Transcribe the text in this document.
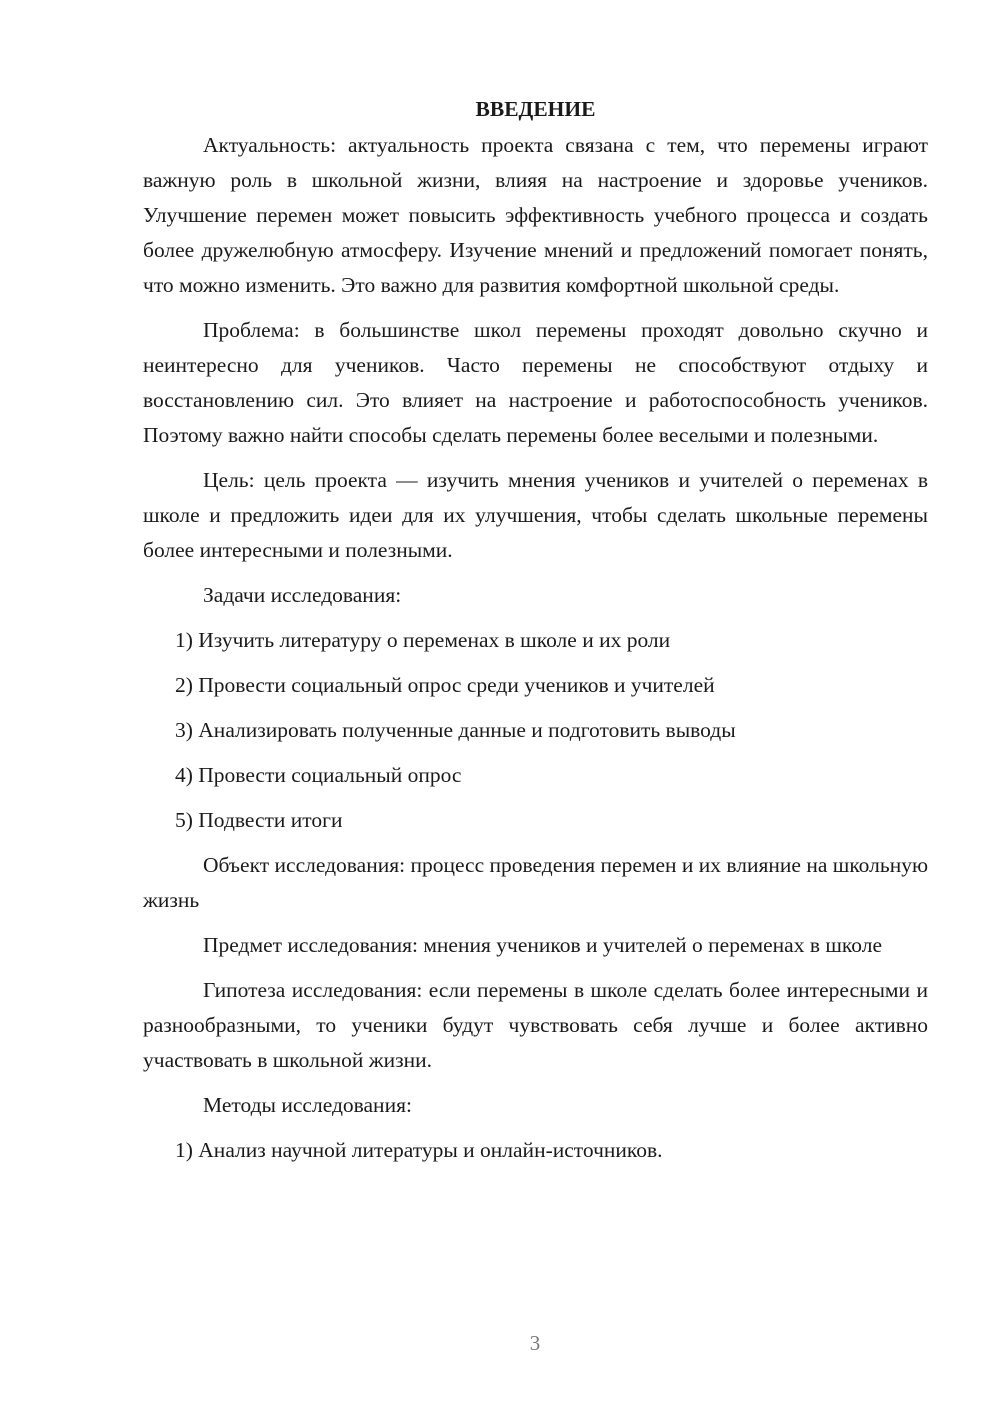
ВВЕДЕНИЕ

Актуальность: актуальность проекта связана с тем, что перемены играют важную роль в школьной жизни, влияя на настроение и здоровье учеников. Улучшение перемен может повысить эффективность учебного процесса и создать более дружелюбную атмосферу. Изучение мнений и предложений помогает понять, что можно изменить. Это важно для развития комфортной школьной среды.

Проблема: в большинстве школ перемены проходят довольно скучно и неинтересно для учеников. Часто перемены не способствуют отдыху и восстановлению сил. Это влияет на настроение и работоспособность учеников. Поэтому важно найти способы сделать перемены более веселыми и полезными.

Цель: цель проекта — изучить мнения учеников и учителей о переменах в школе и предложить идеи для их улучшения, чтобы сделать школьные перемены более интересными и полезными.

Задачи исследования:

1) Изучить литературу о переменах в школе и их роли

2) Провести социальный опрос среди учеников и учителей

3) Анализировать полученные данные и подготовить выводы

4) Провести социальный опрос

5) Подвести итоги

Объект исследования: процесс проведения перемен и их влияние на школьную жизнь

Предмет исследования: мнения учеников и учителей о переменах в школе

Гипотеза исследования: если перемены в школе сделать более интересными и разнообразными, то ученики будут чувствовать себя лучше и более активно участвовать в школьной жизни.

Методы исследования:

1) Анализ научной литературы и онлайн-источников.

3
